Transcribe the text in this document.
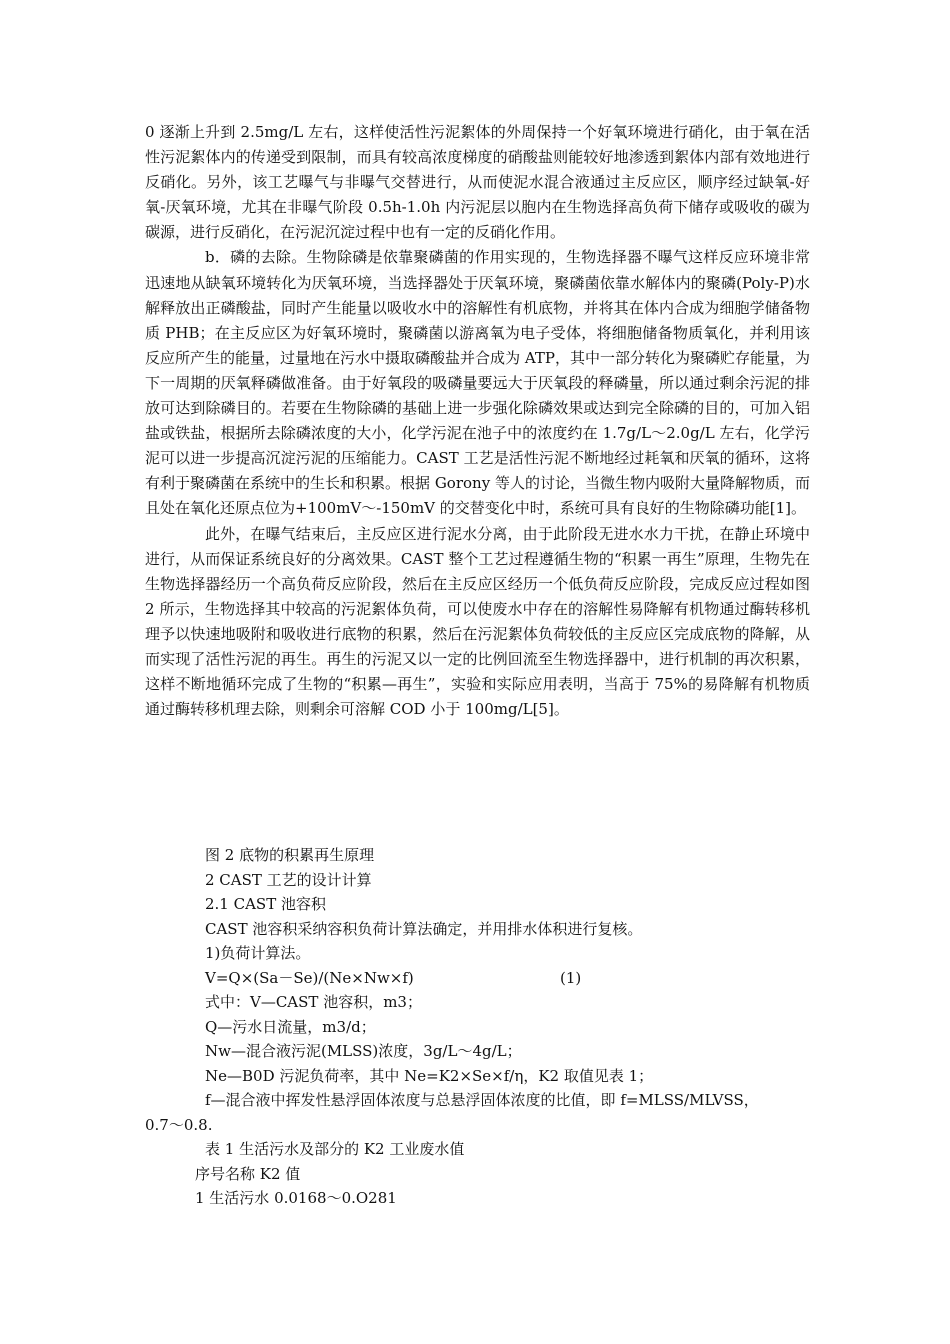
0 逐渐上升到 2.5mg/L 左右，这样使活性污泥絮体的外周保持一个好氧环境进行硝化，由于氧在活性污泥絮体内的传递受到限制，而具有较高浓度梯度的硝酸盐则能较好地渗透到絮体内部有效地进行反硝化。另外，该工艺曝气与非曝气交替进行，从而使泥水混合液通过主反应区，顺序经过缺氧-好氧-厌氧环境，尤其在非曝气阶段 0.5h-1.0h 内污泥层以胞内在生物选择高负荷下储存或吸收的碳为碳源，进行反硝化，在污泥沉淀过程中也有一定的反硝化作用。

b．磷的去除。生物除磷是依靠聚磷菌的作用实现的，生物选择器不曝气这样反应环境非常迅速地从缺氧环境转化为厌氧环境，当选择器处于厌氧环境，聚磷菌依靠水解体内的聚磷(Poly-P)水解释放出正磷酸盐，同时产生能量以吸收水中的溶解性有机底物，并将其在体内合成为细胞学储备物质 PHB；在主反应区为好氧环境时，聚磷菌以游离氧为电子受体，将细胞储备物质氧化，并利用该反应所产生的能量，过量地在污水中摄取磷酸盐并合成为 ATP，其中一部分转化为聚磷贮存能量，为下一周期的厌氧释磷做准备。由于好氧段的吸磷量要远大于厌氧段的释磷量，所以通过剩余污泥的排放可达到除磷目的。若要在生物除磷的基础上进一步强化除磷效果或达到完全除磷的目的，可加入铝盐或铁盐，根据所去除磷浓度的大小，化学污泥在池子中的浓度约在 1.7g/L～2.0g/L 左右，化学污泥可以进一步提高沉淀污泥的压缩能力。CAST 工艺是活性污泥不断地经过耗氧和厌氧的循环，这将有利于聚磷菌在系统中的生长和积累。根据 Gorony 等人的讨论，当微生物内吸附大量降解物质，而且处在氧化还原点位为+100mV～-150mV 的交替变化中时，系统可具有良好的生物除磷功能[1]。

此外，在曝气结束后，主反应区进行泥水分离，由于此阶段无进水水力干扰，在静止环境中进行，从而保证系统良好的分离效果。CAST 整个工艺过程遵循生物的“积累一再生”原理，生物先在生物选择器经历一个高负荷反应阶段，然后在主反应区经历一个低负荷反应阶段，完成反应过程如图 2 所示，生物选择其中较高的污泥絮体负荷，可以使废水中存在的溶解性易降解有机物通过酶转移机理予以快速地吸附和吸收进行底物的积累，然后在污泥絮体负荷较低的主反应区完成底物的降解，从而实现了活性污泥的再生。再生的污泥又以一定的比例回流至生物选择器中，进行机制的再次积累，这样不断地循环完成了生物的“积累—再生”，实验和实际应用表明，当高于 75%的易降解有机物质通过酶转移机理去除，则剩余可溶解 COD 小于 100mg/L[5]。

图 2 底物的积累再生原理
2 CAST 工艺的设计计算
2.1 CAST 池容积
CAST 池容积采纳容积负荷计算法确定，并用排水体积进行复核。
1)负荷计算法。
V=Q×(Sa－Se)/(Ne×Nw×f)	(1)
式中：V—CAST 池容积，m3；
Q—污水日流量，m3/d；
Nw—混合液污泥(MLSS)浓度，3g/L～4g/L；
Ne—B0D 污泥负荷率，其中 Ne=K2×Se×f/η，K2 取值见表 1；
f—混合液中挥发性悬浮固体浓度与总悬浮固体浓度的比值，即 f=MLSS/MLVSS，
0.7～0.8.
表 1 生活污水及部分的 K2 工业废水值
序号名称 K2 值
1 生活污水 0.0168～0.O281
